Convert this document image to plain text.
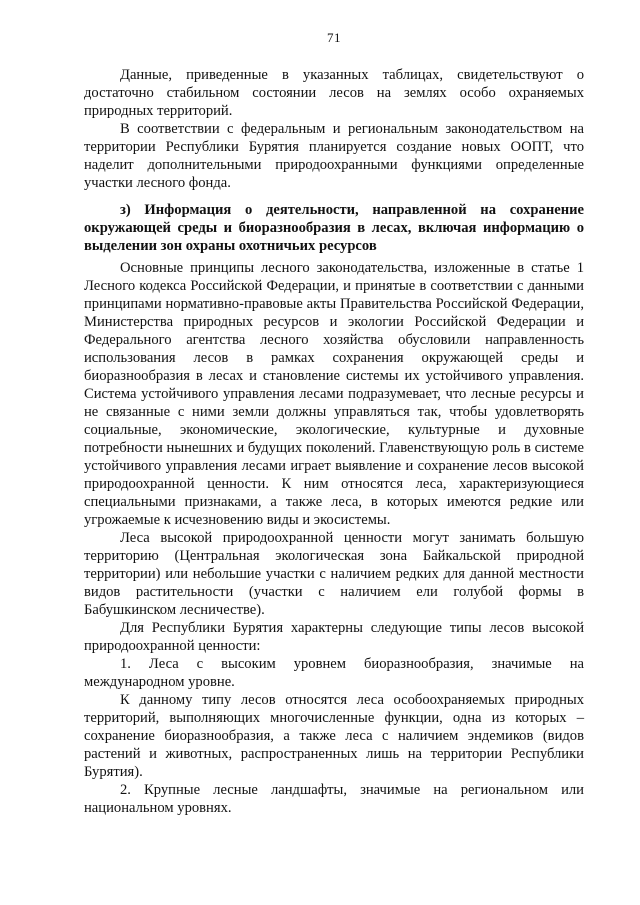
71

Данные, приведенные в указанных таблицах, свидетельствуют о достаточно стабильном состоянии лесов на землях особо охраняемых природных территорий.

В соответствии с федеральным и региональным законодательством на территории Республики Бурятия планируется создание новых ООПТ, что наделит дополнительными природоохранными функциями определенные участки лесного фонда.

з) Информация о деятельности, направленной на сохранение окружающей среды и биоразнообразия в лесах, включая информацию о выделении зон охраны охотничьих ресурсов

Основные принципы лесного законодательства, изложенные в статье 1 Лесного кодекса Российской Федерации, и принятые в соответствии с данными принципами нормативно-правовые акты Правительства Российской Федерации, Министерства природных ресурсов и экологии Российской Федерации и Федерального агентства лесного хозяйства обусловили направленность использования лесов в рамках сохранения окружающей среды и биоразнообразия в лесах и становление системы их устойчивого управления. Система устойчивого управления лесами подразумевает, что лесные ресурсы и не связанные с ними земли должны управляться так, чтобы удовлетворять социальные, экономические, экологические, культурные и духовные потребности нынешних и будущих поколений. Главенствующую роль в системе устойчивого управления лесами играет выявление и сохранение лесов высокой природоохранной ценности. К ним относятся леса, характеризующиеся специальными признаками, а также леса, в которых имеются редкие или угрожаемые к исчезновению виды и экосистемы.

Леса высокой природоохранной ценности могут занимать большую территорию (Центральная экологическая зона Байкальской природной территории) или небольшие участки с наличием редких для данной местности видов растительности (участки с наличием ели голубой формы в Бабушкинском лесничестве).

Для Республики Бурятия характерны следующие типы лесов высокой природоохранной ценности:

1. Леса с высоким уровнем биоразнообразия, значимые на международном уровне.

К данному типу лесов относятся леса особоохраняемых природных территорий, выполняющих многочисленные функции, одна из которых – сохранение биоразнообразия, а также леса с наличием эндемиков (видов растений и животных, распространенных лишь на территории Республики Бурятия).

2. Крупные лесные ландшафты, значимые на региональном или национальном уровнях.
